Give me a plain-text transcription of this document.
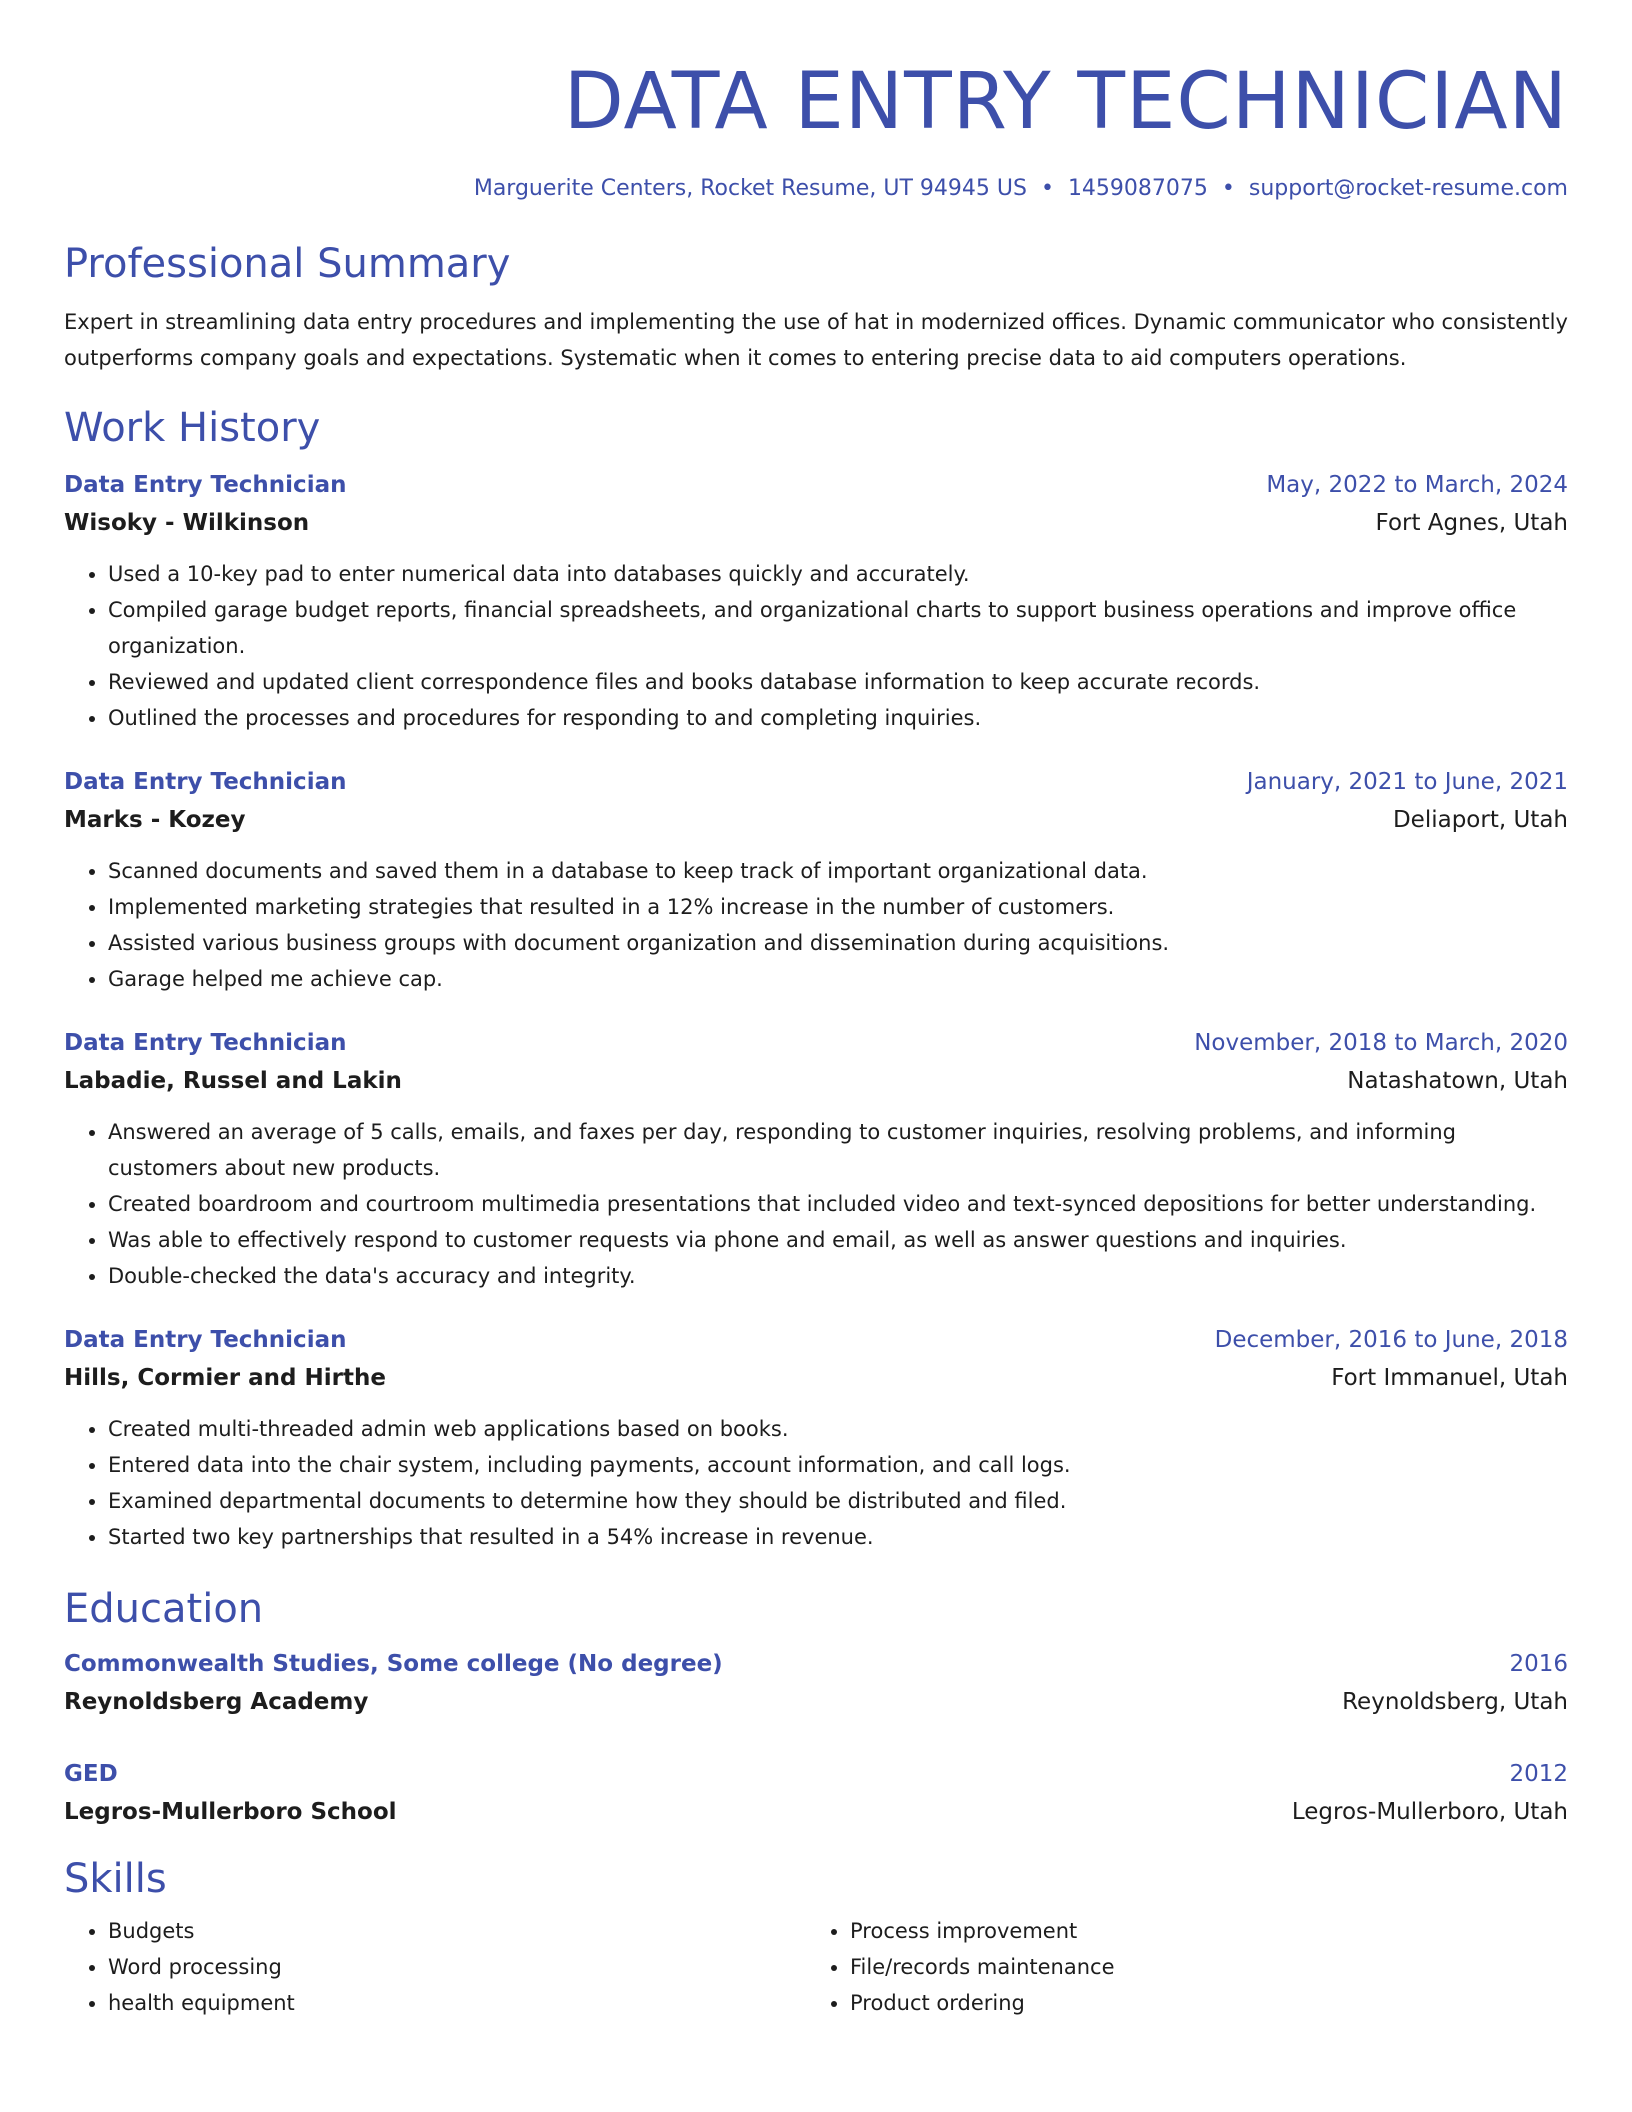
DATA ENTRY TECHNICIAN
Marguerite Centers, Rocket Resume, UT 94945 US • 1459087075 • support@rocket-resume.com
Professional Summary
Expert in streamlining data entry procedures and implementing the use of hat in modernized offices. Dynamic communicator who consistently outperforms company goals and expectations. Systematic when it comes to entering precise data to aid computers operations.
Work History
Data Entry Technician	May, 2022 to March, 2024
Wisoky - Wilkinson	Fort Agnes, Utah
• Used a 10-key pad to enter numerical data into databases quickly and accurately.
• Compiled garage budget reports, financial spreadsheets, and organizational charts to support business operations and improve office organization.
• Reviewed and updated client correspondence files and books database information to keep accurate records.
• Outlined the processes and procedures for responding to and completing inquiries.
Data Entry Technician	January, 2021 to June, 2021
Marks - Kozey	Deliaport, Utah
• Scanned documents and saved them in a database to keep track of important organizational data.
• Implemented marketing strategies that resulted in a 12% increase in the number of customers.
• Assisted various business groups with document organization and dissemination during acquisitions.
• Garage helped me achieve cap.
Data Entry Technician	November, 2018 to March, 2020
Labadie, Russel and Lakin	Natashatown, Utah
• Answered an average of 5 calls, emails, and faxes per day, responding to customer inquiries, resolving problems, and informing customers about new products.
• Created boardroom and courtroom multimedia presentations that included video and text-synced depositions for better understanding.
• Was able to effectively respond to customer requests via phone and email, as well as answer questions and inquiries.
• Double-checked the data's accuracy and integrity.
Data Entry Technician	December, 2016 to June, 2018
Hills, Cormier and Hirthe	Fort Immanuel, Utah
• Created multi-threaded admin web applications based on books.
• Entered data into the chair system, including payments, account information, and call logs.
• Examined departmental documents to determine how they should be distributed and filed.
• Started two key partnerships that resulted in a 54% increase in revenue.
Education
Commonwealth Studies, Some college (No degree)	2016
Reynoldsberg Academy	Reynoldsberg, Utah
GED	2012
Legros-Mullerboro School	Legros-Mullerboro, Utah
Skills
• Budgets
• Word processing
• health equipment
• Process improvement
• File/records maintenance
• Product ordering
